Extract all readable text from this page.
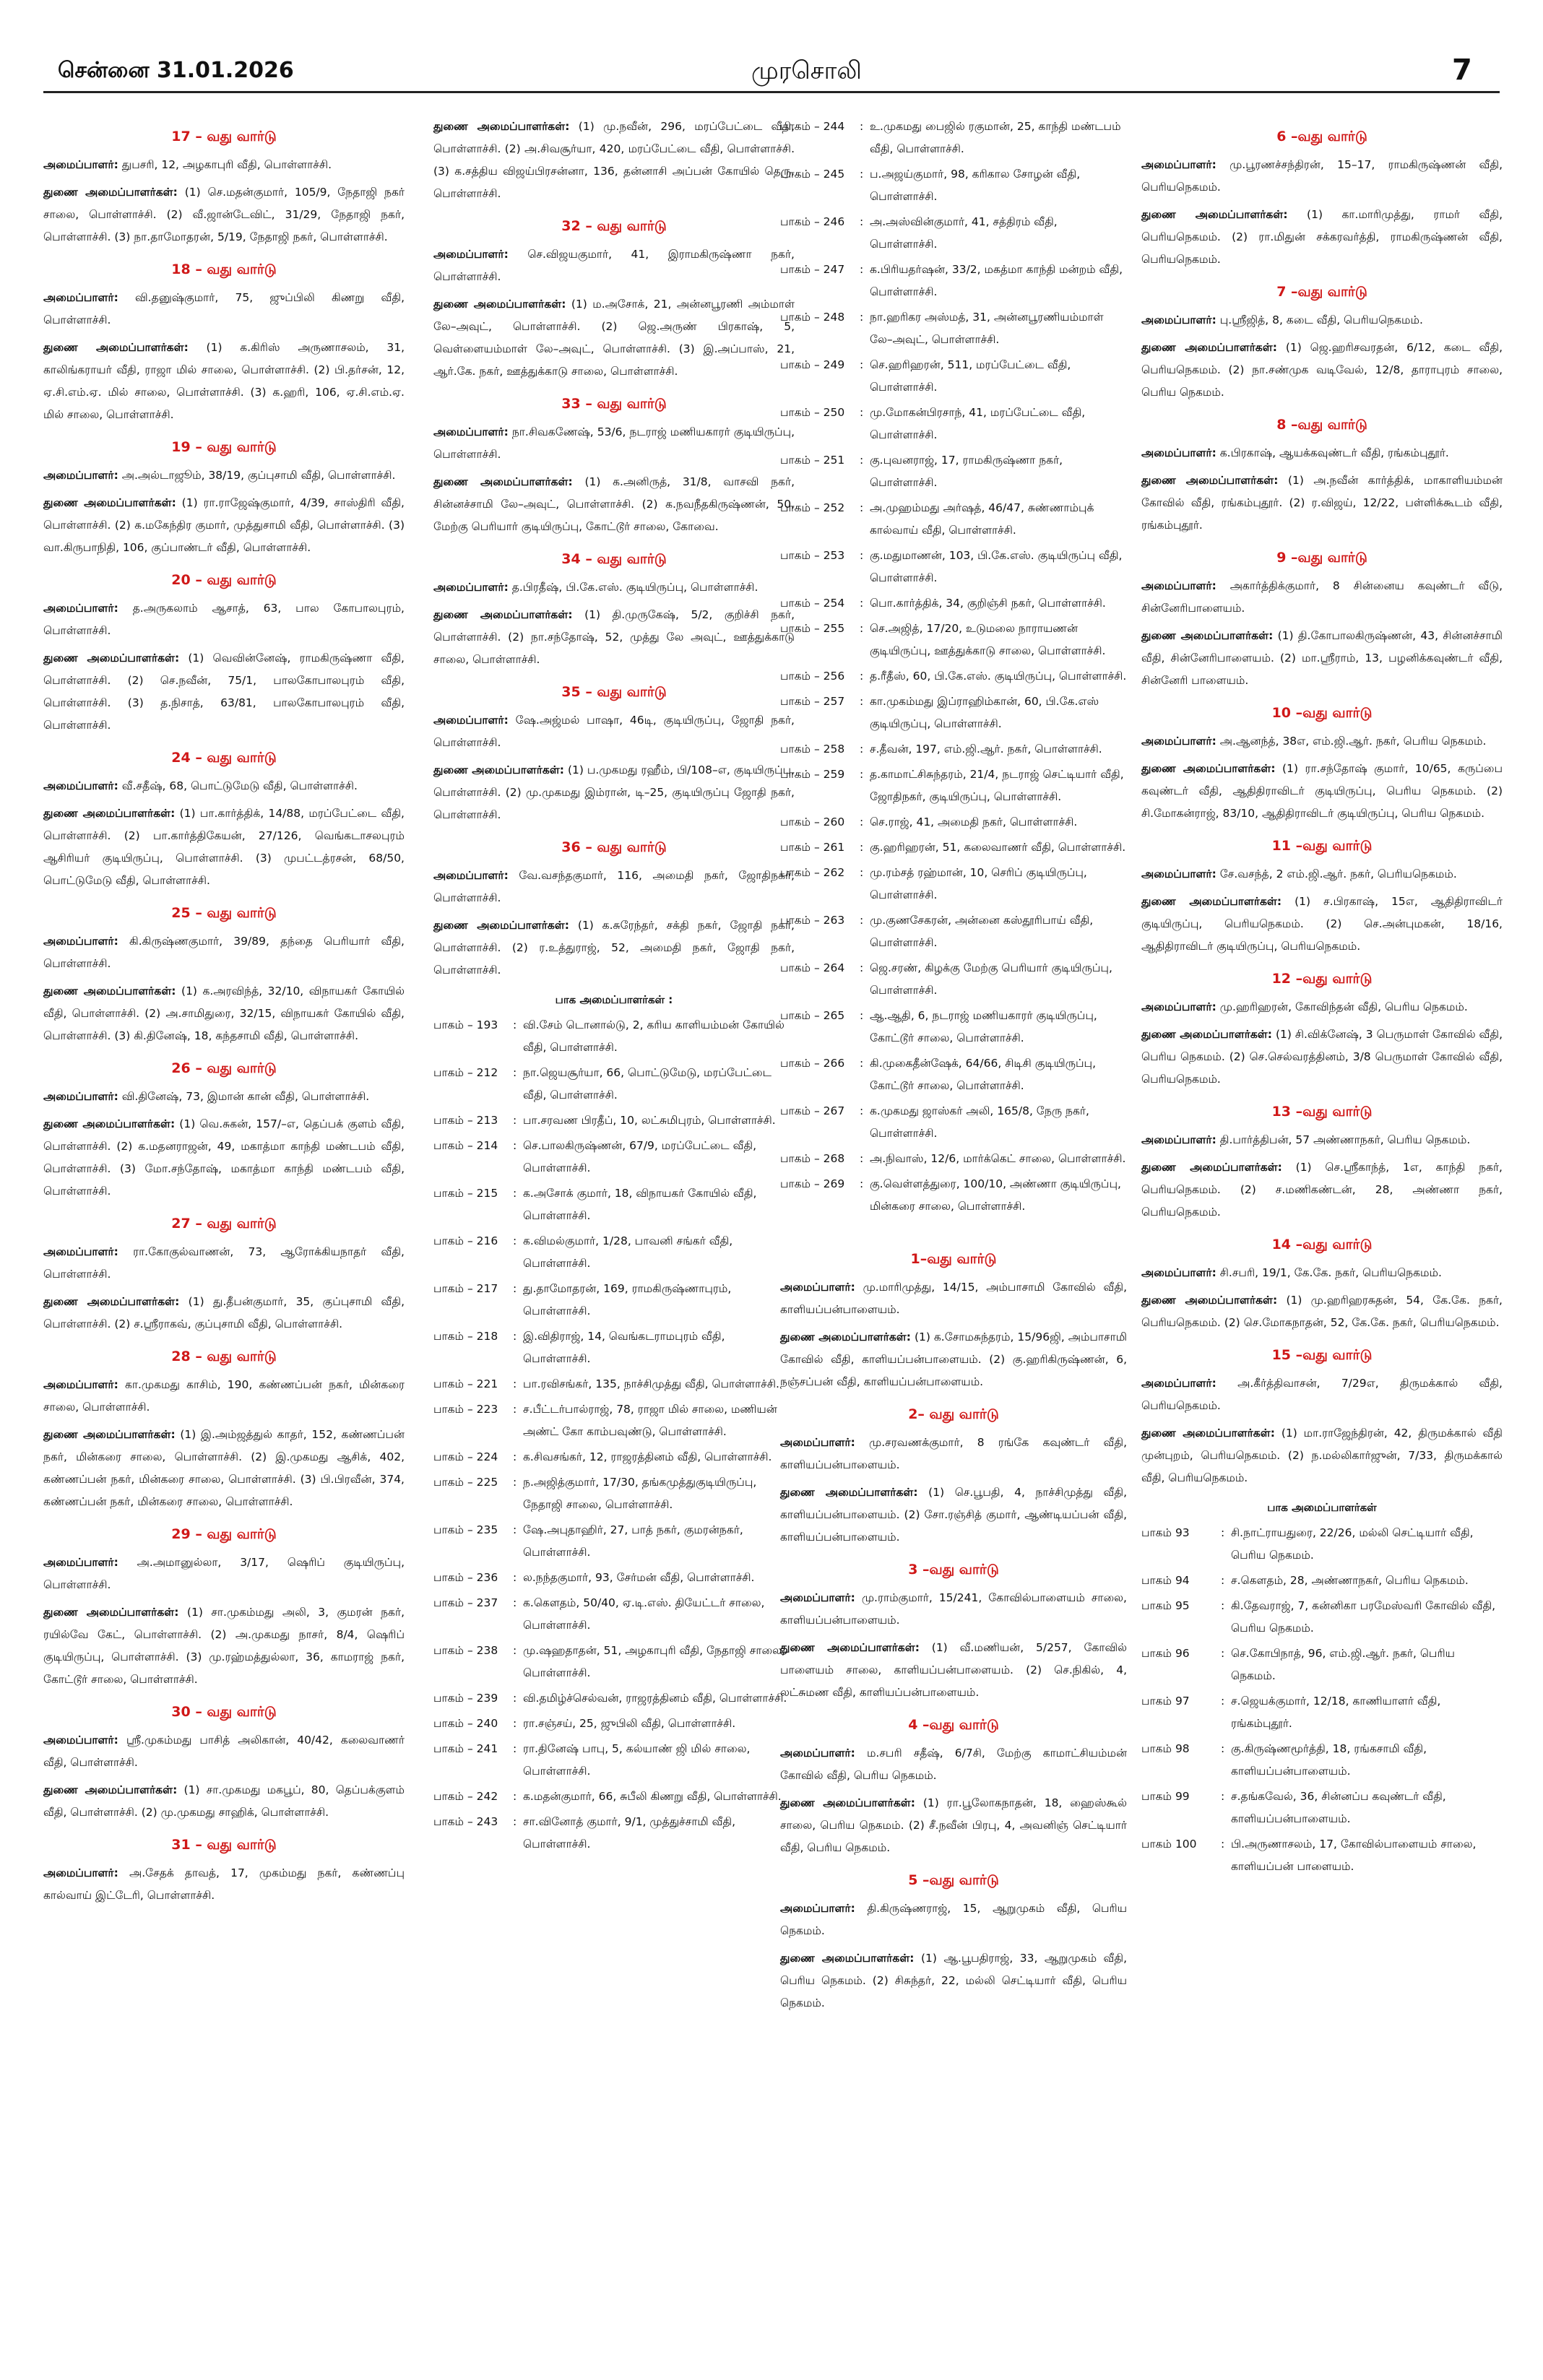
சென்னை 31.01.2026	முரசொலி	7
17 – வது வார்டு
அமைப்பாளர்: துபசரி, 12, அழகாபுரி வீதி, பொள்ளாச்சி.
துணை அமைப்பாளர்கள்: (1) செ.மதன்குமார், 105/9, நேதாஜி நகர் சாலை, பொள்ளாச்சி. (2) வீ.ஜான்டேவிட், 31/29, நேதாஜி நகர், பொள்ளாச்சி. (3) நா.தாமோதரன், 5/19, நேதாஜி நகர், பொள்ளாச்சி.
18 – வது வார்டு
அமைப்பாளர்: வி.தனுஷ்குமார், 75, ஜுப்பிலி கிணறு வீதி, பொள்ளாச்சி.
துணை அமைப்பாளர்கள்: (1) க.கிரிஸ் அருணாசலம், 31, காலிங்கராயர் வீதி, ராஜா மில் சாலை, பொள்ளாச்சி. (2) பி.தர்சன், 12, ஏ.சி.எம்.ஏ. மில் சாலை, பொள்ளாச்சி. (3) க.ஹரி, 106, ஏ.சி.எம்.ஏ. மில் சாலை, பொள்ளாச்சி.
19 – வது வார்டு
அமைப்பாளர்: அ.அல்டாஜூம், 38/19, குப்புசாமி வீதி, பொள்ளாச்சி.
துணை அமைப்பாளர்கள்: (1) ரா.ராஜேஷ்குமார், 4/39, சாஸ்திரி வீதி, பொள்ளாச்சி. (2) க.மகேந்திர குமார், முத்துசாமி வீதி, பொள்ளாச்சி. (3) வா.கிருபாநிதி, 106, குப்பாண்டர் வீதி, பொள்ளாச்சி.
20 – வது வார்டு
அமைப்பாளர்: த.அருகலாம் ஆசாத், 63, பால கோபாலபுரம், பொள்ளாச்சி.
துணை அமைப்பாளர்கள்: (1) வெவின்னேஷ், ராமகிருஷ்ணா வீதி, பொள்ளாச்சி. (2) செ.நவீன், 75/1, பாலகோபாலபுரம் வீதி, பொள்ளாச்சி. (3) த.நிசாத், 63/81, பாலகோபாலபுரம் வீதி, பொள்ளாச்சி.
24 – வது வார்டு
அமைப்பாளர்: வீ.சதீஷ், 68, பொட்டுமேடு வீதி, பொள்ளாச்சி.
துணை அமைப்பாளர்கள்: (1) பா.கார்த்திக், 14/88, மரப்பேட்டை வீதி, பொள்ளாச்சி. (2) பா.கார்த்திகேயன், 27/126, வெங்கடாசலபுரம் ஆசிரியர் குடியிருப்பு, பொள்ளாச்சி. (3) முபட்டத்ரசன், 68/50, பொட்டுமேடு வீதி, பொள்ளாச்சி.
25 – வது வார்டு
அமைப்பாளர்: கி.கிருஷ்ணகுமார், 39/89, தந்தை பெரியார் வீதி, பொள்ளாச்சி.
துணை அமைப்பாளர்கள்: (1) க.அரவிந்த், 32/10, விநாயகர் கோயில் வீதி, பொள்ளாச்சி. (2) அ.சாமிதுரை, 32/15, விநாயகர் கோயில் வீதி, பொள்ளாச்சி. (3) கி.தினேஷ், 18, கந்தசாமி வீதி, பொள்ளாச்சி.
26 – வது வார்டு
அமைப்பாளர்: வி.தினேஷ், 73, இமான் கான் வீதி, பொள்ளாச்சி.
துணை அமைப்பாளர்கள்: (1) வெ.சுகன், 157/–எ, தெப்பக் குளம் வீதி, பொள்ளாச்சி. (2) க.மதனராஜன், 49, மகாத்மா காந்தி மண்டபம் வீதி, பொள்ளாச்சி. (3) மோ.சந்தோஷ், மகாத்மா காந்தி மண்டபம் வீதி, பொள்ளாச்சி.
27 – வது வார்டு
அமைப்பாளர்: ரா.கோகுல்வாணன், 73, ஆரோக்கியநாதர் வீதி, பொள்ளாச்சி.
துணை அமைப்பாளர்கள்: (1) து.தீபன்குமார், 35, குப்புசாமி வீதி, பொள்ளாச்சி. (2) ச.ஸ்ரீராகவ், குப்புசாமி வீதி, பொள்ளாச்சி.
28 – வது வார்டு
அமைப்பாளர்: கா.முகமது காசிம், 190, கண்ணப்பன் நகர், மின்கரை சாலை, பொள்ளாச்சி.
துணை அமைப்பாளர்கள்: (1) இ.அம்ஜத்துல் காதர், 152, கண்ணப்பன் நகர், மின்கரை சாலை, பொள்ளாச்சி. (2) இ.முகமது ஆசிக், 402, கண்ணப்பன் நகர், மின்கரை சாலை, பொள்ளாச்சி. (3) பி.பிரவீன், 374, கண்ணப்பன் நகர், மின்கரை சாலை, பொள்ளாச்சி.
29 – வது வார்டு
அமைப்பாளர்: அ.அமானுல்லா, 3/17, ஷெரிப் குடியிருப்பு, பொள்ளாச்சி.
துணை அமைப்பாளர்கள்: (1) சா.முகம்மது அலி, 3, குமரன் நகர், ரயில்வே கேட், பொள்ளாச்சி. (2) அ.முகமது நாசர், 8/4, ஷெரிப் குடியிருப்பு, பொள்ளாச்சி. (3) மு.ரஹ்மத்துல்லா, 36, காமராஜ் நகர், கோட்டூர் சாலை, பொள்ளாச்சி.
30 – வது வார்டு
அமைப்பாளர்: ஸ்ரீ.முகம்மது பாசித் அலிகான், 40/42, கலைவாணர் வீதி, பொள்ளாச்சி.
துணை அமைப்பாளர்கள்: (1) சா.முகமது மகபூப், 80, தெப்பக்குளம் வீதி, பொள்ளாச்சி. (2) மு.முகமது சாஹிக், பொள்ளாச்சி.
31 – வது வார்டு
அமைப்பாளர்: அ.சேதக் தாவத், 17, முகம்மது நகர், கண்ணப்பு கால்வாய் இட்டேரி, பொள்ளாச்சி.
துணை அமைப்பாளர்கள்: (1) மு.நவீன், 296, மரப்பேட்டை வீதி, பொள்ளாச்சி. (2) அ.சிவசூர்யா, 420, மரப்பேட்டை வீதி, பொள்ளாச்சி. (3) க.சத்திய விஜய்பிரசன்னா, 136, தன்னாசி அப்பன் கோயில் தெரு, பொள்ளாச்சி.
32 – வது வார்டு
அமைப்பாளர்: செ.விஜயகுமார், 41, இராமகிருஷ்ணா நகர், பொள்ளாச்சி.
துணை அமைப்பாளர்கள்: (1) ம.அசோக், 21, அன்னபூரணி அம்மாள் லே–அவுட், பொள்ளாச்சி. (2) ஜெ.அருண் பிரகாஷ், 5, வெள்ளையம்மாள் லே–அவுட், பொள்ளாச்சி. (3) இ.அப்பாஸ், 21, ஆர்.கே. நகர், ஊத்துக்காடு சாலை, பொள்ளாச்சி.
33 – வது வார்டு
அமைப்பாளர்: நா.சிவகணேஷ், 53/6, நடராஜ் மணியகாரர் குடியிருப்பு, பொள்ளாச்சி.
துணை அமைப்பாளர்கள்: (1) க.அனிருத், 31/8, வாசவி நகர், சின்னச்சாமி லே–அவுட், பொள்ளாச்சி. (2) க.நவநீதகிருஷ்ணன், 50, மேற்கு பெரியார் குடியிருப்பு, கோட்டூர் சாலை, கோவை.
34 – வது வார்டு
அமைப்பாளர்: த.பிரதீஷ், பி.கே.எஸ். குடியிருப்பு, பொள்ளாச்சி.
துணை அமைப்பாளர்கள்: (1) தி.முருகேஷ், 5/2, குறிச்சி நகர், பொள்ளாச்சி. (2) நா.சந்தோஷ், 52, முத்து லே அவுட், ஊத்துக்காடு சாலை, பொள்ளாச்சி.
35 – வது வார்டு
அமைப்பாளர்: ஷே.அஜ்மல் பாஷா, 46டி, குடியிருப்பு, ஜோதி நகர், பொள்ளாச்சி.
துணை அமைப்பாளர்கள்: (1) ப.முகமது ரஹீம், பி/108–எ, குடியிருப்பு, பொள்ளாச்சி. (2) மு.முகமது இம்ரான், டி–25, குடியிருப்பு ஜோதி நகர், பொள்ளாச்சி.
36 – வது வார்டு
அமைப்பாளர்: வே.வசந்தகுமார், 116, அமைதி நகர், ஜோதிநகர், பொள்ளாச்சி.
துணை அமைப்பாளர்கள்: (1) க.சுரேந்தர், சக்தி நகர், ஜோதி நகர், பொள்ளாச்சி. (2) ர.உத்துராஜ், 52, அமைதி நகர், ஜோதி நகர், பொள்ளாச்சி.
பாக அமைப்பாளர்கள் :
பாகம் – 193	: வி.சேம் டொனால்டு, 2, கரிய காளியம்மன் கோயில் வீதி, பொள்ளாச்சி.
பாகம் – 212	: நா.ஜெயசூர்யா, 66, பொட்டுமேடு, மரப்பேட்டை வீதி, பொள்ளாச்சி.
பாகம் – 213	: பா.சரவண பிரதீப், 10, லட்சுமிபுரம், பொள்ளாச்சி.
பாகம் – 214	: செ.பாலகிருஷ்ணன், 67/9, மரப்பேட்டை வீதி, பொள்ளாச்சி.
பாகம் – 215	: க.அசோக் குமார், 18, விநாயகர் கோயில் வீதி, பொள்ளாச்சி.
பாகம் – 216	: க.விமல்குமார், 1/28, பாவனி சங்கர் வீதி, பொள்ளாச்சி.
பாகம் – 217	: து.தாமோதரன், 169, ராமகிருஷ்ணாபுரம், பொள்ளாச்சி.
பாகம் – 218	: இ.விதிராஜ், 14, வெங்கடராமபுரம் வீதி, பொள்ளாச்சி.
பாகம் – 221	: பா.ரவிசங்கர், 135, நாச்சிமுத்து வீதி, பொள்ளாச்சி.
பாகம் – 223	: ச.பீட்டர்பால்ராஜ், 78, ராஜா மில் சாலை, மணியன் அண்ட் கோ காம்பவுண்டு, பொள்ளாச்சி.
பாகம் – 224	: க.சிவசங்கர், 12, ராஜரத்தினம் வீதி, பொள்ளாச்சி.
பாகம் – 225	: ந.அஜித்குமார், 17/30, தங்கமுத்துகுடியிருப்பு, நேதாஜி சாலை, பொள்ளாச்சி.
பாகம் – 235	: ஷே.அபுதாஹிர், 27, பாத் நகர், குமரன்நகர், பொள்ளாச்சி.
பாகம் – 236	: ல.நந்தகுமார், 93, சேர்மன் வீதி, பொள்ளாச்சி.
பாகம் – 237	: க.கௌதம், 50/40, ஏ.டி.எஸ். தியேட்டர் சாலை, பொள்ளாச்சி.
பாகம் – 238	: மு.ஷஹதாதன், 51, அழகாபுரி வீதி, நேதாஜி சாலை, பொள்ளாச்சி.
பாகம் – 239	: வி.தமிழ்ச்செல்வன், ராஜரத்தினம் வீதி, பொள்ளாச்சி.
பாகம் – 240	: ரா.சஞ்சய், 25, ஜுபிலி வீதி, பொள்ளாச்சி.
பாகம் – 241	: ரா.தினேஷ் பாபு, 5, கல்யாண் ஜி மில் சாலை, பொள்ளாச்சி.
பாகம் – 242	: க.மதன்குமார், 66, சுபீலி கிணறு வீதி, பொள்ளாச்சி.
பாகம் – 243	: சா.வினோத் குமார், 9/1, முத்துச்சாமி வீதி, பொள்ளாச்சி.
பாகம் – 244	: உ.முகமது பைஜில் ரகுமான், 25, காந்தி மண்டபம் வீதி, பொள்ளாச்சி.
பாகம் – 245	: ப.அஜய்குமார், 98, கரிகால சோழன் வீதி, பொள்ளாச்சி.
பாகம் – 246	: அ.அஸ்வின்குமார், 41, சத்திரம் வீதி, பொள்ளாச்சி.
பாகம் – 247	: க.பிரியதர்ஷன், 33/2, மகத்மா காந்தி மன்றம் வீதி, பொள்ளாச்சி.
பாகம் – 248	: நா.ஹரிகர அஸ்மத், 31, அன்னபூரணியம்மாள் லே–அவுட், பொள்ளாச்சி.
பாகம் – 249	: செ.ஹரிஹரன், 511, மரப்பேட்டை வீதி, பொள்ளாச்சி.
பாகம் – 250	: மு.மோகன்பிரசாந், 41, மரப்பேட்டை வீதி, பொள்ளாச்சி.
பாகம் – 251	: கு.புவனராஜ், 17, ராமகிருஷ்ணா நகர், பொள்ளாச்சி.
பாகம் – 252	: அ.முஹம்மது அர்ஷத், 46/47, சுண்ணாம்புக் கால்வாய் வீதி, பொள்ளாச்சி.
பாகம் – 253	: கு.மதுமாணன், 103, பி.கே.எஸ். குடியிருப்பு வீதி, பொள்ளாச்சி.
பாகம் – 254	: பொ.கார்த்திக், 34, குறிஞ்சி நகர், பொள்ளாச்சி.
பாகம் – 255	: செ.அஜித், 17/20, உடுமலை நாராயணன் குடியிருப்பு, ஊத்துக்காடு சாலை, பொள்ளாச்சி.
பாகம் – 256	: த.ரீதீஸ், 60, பி.கே.எஸ். குடியிருப்பு, பொள்ளாச்சி.
பாகம் – 257	: கா.முகம்மது இப்ராஹிம்கான், 60, பி.கே.எஸ் குடியிருப்பு, பொள்ளாச்சி.
பாகம் – 258	: ச.தீவன், 197, எம்.ஜி.ஆர். நகர், பொள்ளாச்சி.
பாகம் – 259	: த.காமாட்சிசுந்தரம், 21/4, நடராஜ் செட்டியார் வீதி, ஜோதிநகர், குடியிருப்பு, பொள்ளாச்சி.
பாகம் – 260	: செ.ராஜ், 41, அமைதி நகர், பொள்ளாச்சி.
பாகம் – 261	: கு.ஹரிஹரன், 51, கலைவாணர் வீதி, பொள்ளாச்சி.
பாகம் – 262	: மு.ரம்சத் ரஹ்மான், 10, செரிப் குடியிருப்பு, பொள்ளாச்சி.
பாகம் – 263	: மு.குணசேகரன், அன்னை கஸ்தூரிபாய் வீதி, பொள்ளாச்சி.
பாகம் – 264	: ஜெ.சரண், கிழக்கு மேற்கு பெரியார் குடியிருப்பு, பொள்ளாச்சி.
பாகம் – 265	: ஆ.ஆதி, 6, நடராஜ் மணியகாரர் குடியிருப்பு, கோட்டூர் சாலை, பொள்ளாச்சி.
பாகம் – 266	: கி.முகைதீன்ஷேக், 64/66, சிடிசி குடியிருப்பு, கோட்டூர் சாலை, பொள்ளாச்சி.
பாகம் – 267	: க.முகமது ஜாஸ்கர் அலி, 165/8, நேரு நகர், பொள்ளாச்சி.
பாகம் – 268	: அ.நிவாஸ், 12/6, மார்க்கெட் சாலை, பொள்ளாச்சி.
பாகம் – 269	: கு.வெள்ளத்துரை, 100/10, அண்ணா குடியிருப்பு, மின்கரை சாலை, பொள்ளாச்சி.
1–வது வார்டு
அமைப்பாளர்: மு.மாரிமுத்து, 14/15, அம்பாசாமி கோவில் வீதி, காளியப்பன்பாளையம்.
துணை அமைப்பாளர்கள்: (1) க.சோமசுந்தரம், 15/96ஜி, அம்பாசாமி கோவில் வீதி, காளியப்பன்பாளையம். (2) கு.ஹரிகிருஷ்ணன், 6, நஞ்சப்பன் வீதி, காளியப்பன்பாளையம்.
2– வது வார்டு
அமைப்பாளர்: மு.சரவணக்குமார், 8 ரங்கே கவுண்டர் வீதி, காளியப்பன்பாளையம்.
துணை அமைப்பாளர்கள்: (1) செ.பூபதி, 4, நாச்சிமுத்து வீதி, காளியப்பன்பாளையம். (2) சோ.ரஞ்சித் குமார், ஆண்டியப்பன் வீதி, காளியப்பன்பாளையம்.
3 –வது வார்டு
அமைப்பாளர்: மு.ராம்குமார், 15/241, கோவில்பாளையம் சாலை, காளியப்பன்பாளையம்.
துணை அமைப்பாளர்கள்: (1) வீ.மணியன், 5/257, கோவில் பாளையம் சாலை, காளியப்பன்பாளையம். (2) செ.நிகில், 4, லட்சுமண வீதி, காளியப்பன்பாளையம்.
4 –வது வார்டு
அமைப்பாளர்: ம.சபரி சதீஷ், 6/7சி, மேற்கு காமாட்சியம்மன் கோவில் வீதி, பெரிய நெகமம்.
துணை அமைப்பாளர்கள்: (1) ரா.பூலோகநாதன், 18, ஹைஸ்கூல் சாலை, பெரிய நெகமம். (2) சீ.நவீன் பிரபு, 4, அவனிஞ் செட்டியார் வீதி, பெரிய நெகமம்.
5 –வது வார்டு
அமைப்பாளர்: தி.கிருஷ்ணராஜ், 15, ஆறுமுகம் வீதி, பெரிய நெகமம்.
துணை அமைப்பாளர்கள்: (1) ஆ.பூபதிராஜ், 33, ஆறுமுகம் வீதி, பெரிய நெகமம். (2) சிசுந்தர், 22, மல்லி செட்டியார் வீதி, பெரிய நெகமம்.
6 –வது வார்டு
அமைப்பாளர்: மு.பூரணச்சந்திரன், 15–17, ராமகிருஷ்ணன் வீதி, பெரியநெகமம்.
துணை அமைப்பாளர்கள்: (1) கா.மாரிமுத்து, ராமர் வீதி, பெரியநெகமம். (2) ரா.மிதுன் சக்கரவர்த்தி, ராமகிருஷ்ணன் வீதி, பெரியநெகமம்.
7 –வது வார்டு
அமைப்பாளர்: பு.ஸ்ரீஜித், 8, கடை வீதி, பெரியநெகமம்.
துணை அமைப்பாளர்கள்: (1) ஜெ.ஹரிசவரதன், 6/12, கடை வீதி, பெரியநெகமம். (2) நா.சண்முக வடிவேல், 12/8, தாராபுரம் சாலை, பெரிய நெகமம்.
8 –வது வார்டு
அமைப்பாளர்: க.பிரகாஷ், ஆயக்கவுண்டர் வீதி, ரங்கம்புதூர்.
துணை அமைப்பாளர்கள்: (1) அ.நவீன் கார்த்திக், மாகாளியம்மன் கோவில் வீதி, ரங்கம்புதூர். (2) ர.விஜய், 12/22, பள்ளிக்கூடம் வீதி, ரங்கம்புதூர்.
9 –வது வார்டு
அமைப்பாளர்: அகார்த்திக்குமார், 8 சின்னைய கவுண்டர் வீடு, சின்னேரிபாளையம்.
துணை அமைப்பாளர்கள்: (1) தி.கோபாலகிருஷ்ணன், 43, சின்னச்சாமி வீதி, சின்னேரிபாளையம். (2) மா.ஸ்ரீராம், 13, பழனிக்கவுண்டர் வீதி, சின்னேரி பாளையம்.
10 –வது வார்டு
அமைப்பாளர்: அ.ஆனந்த், 38எ, எம்.ஜி.ஆர். நகர், பெரிய நெகமம்.
துணை அமைப்பாளர்கள்: (1) ரா.சந்தோஷ் குமார், 10/65, கருப்பை கவுண்டர் வீதி, ஆதிதிராவிடர் குடியிருப்பு, பெரிய நெகமம். (2) சி.மோகன்ராஜ், 83/10, ஆதிதிராவிடர் குடியிருப்பு, பெரிய நெகமம்.
11 –வது வார்டு
அமைப்பாளர்: சே.வசந்த், 2 எம்.ஜி.ஆர். நகர், பெரியநெகமம்.
துணை அமைப்பாளர்கள்: (1) ச.பிரகாஷ், 15எ, ஆதிதிராவிடர் குடியிருப்பு, பெரியநெகமம். (2) செ.அன்புமகன், 18/16, ஆதிதிராவிடர் குடியிருப்பு, பெரியநெகமம்.
12 –வது வார்டு
அமைப்பாளர்: மு.ஹரிஹரன், கோவிந்தன் வீதி, பெரிய நெகமம்.
துணை அமைப்பாளர்கள்: (1) சி.விக்னேஷ், 3 பெருமாள் கோவில் வீதி, பெரிய நெகமம். (2) செ.செல்வரத்தினம், 3/8 பெருமாள் கோவில் வீதி, பெரியநெகமம்.
13 –வது வார்டு
அமைப்பாளர்: தி.பார்த்திபன், 57 அண்ணாநகர், பெரிய நெகமம்.
துணை அமைப்பாளர்கள்: (1) செ.ஸ்ரீகாந்த், 1எ, காந்தி நகர், பெரியநெகமம். (2) ச.மணிகண்டன், 28, அண்ணா நகர், பெரியநெகமம்.
14 –வது வார்டு
அமைப்பாளர்: சி.சபரி, 19/1, கே.கே. நகர், பெரியநெகமம்.
துணை அமைப்பாளர்கள்: (1) மு.ஹரிஹரசுதன், 54, கே.கே. நகர், பெரியநெகமம். (2) செ.மோகநாதன், 52, கே.கே. நகர், பெரியநெகமம்.
15 –வது வார்டு
அமைப்பாளர்: அ.கீர்த்திவாசன், 7/29எ, திருமக்கால் வீதி, பெரியநெகமம்.
துணை அமைப்பாளர்கள்: (1) மா.ராஜேந்திரன், 42, திருமக்கால் வீதி முன்புறம், பெரியநெகமம். (2) ந.மல்லிகார்ஜுன், 7/33, திருமக்கால் வீதி, பெரியநெகமம்.
பாக அமைப்பாளர்கள்
பாகம் 93	: சி.நாட்ராயதுரை, 22/26, மல்லி செட்டியார் வீதி, பெரிய நெகமம்.
பாகம் 94	: ச.கௌதம், 28, அண்ணாநகர், பெரிய நெகமம்.
பாகம் 95	: கி.தேவராஜ், 7, கன்னிகா பரமேஸ்வரி கோவில் வீதி, பெரிய நெகமம்.
பாகம் 96	: செ.கோபிநாத், 96, எம்.ஜி.ஆர். நகர், பெரிய நெகமம்.
பாகம் 97	: ச.ஜெயக்குமார், 12/18, காணியாளர் வீதி, ரங்கம்புதூர்.
பாகம் 98	: கு.கிருஷ்ணமூர்த்தி, 18, ரங்கசாமி வீதி, காளியப்பன்பாளையம்.
பாகம் 99	: ச.தங்கவேல், 36, சின்னப்ப கவுண்டர் வீதி, காளியப்பன்பாளையம்.
பாகம் 100	: பி.அருணாசலம், 17, கோவில்பாளையம் சாலை, காளியப்பன் பாளையம்.
